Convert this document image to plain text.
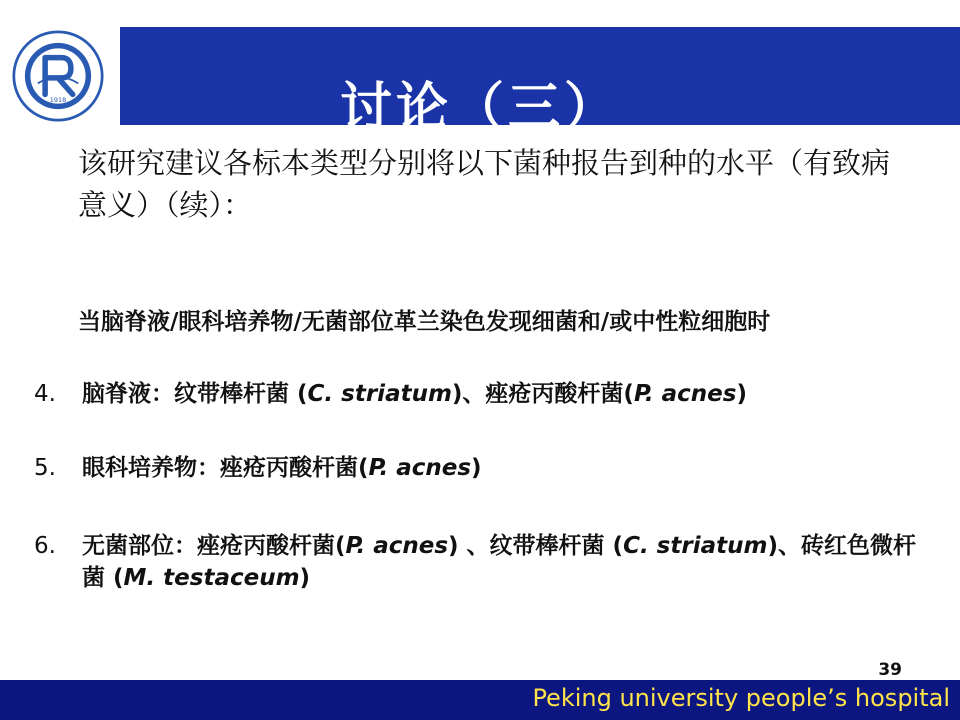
讨论（三）
1918
该研究建议各标本类型分别将以下菌种报告到种的水平（有致病意义）（续）：
当脑脊液/眼科培养物/无菌部位革兰染色发现细菌和/或中性粒细胞时
4.	脑脊液：纹带棒杆菌 (C. striatum)、痤疮丙酸杆菌(P. acnes)
5.	眼科培养物：痤疮丙酸杆菌(P. acnes)
6.	无菌部位：痤疮丙酸杆菌(P. acnes) 、纹带棒杆菌 (C. striatum)、砖红色微杆菌 (M. testaceum)
39
Peking university people’s hospital
